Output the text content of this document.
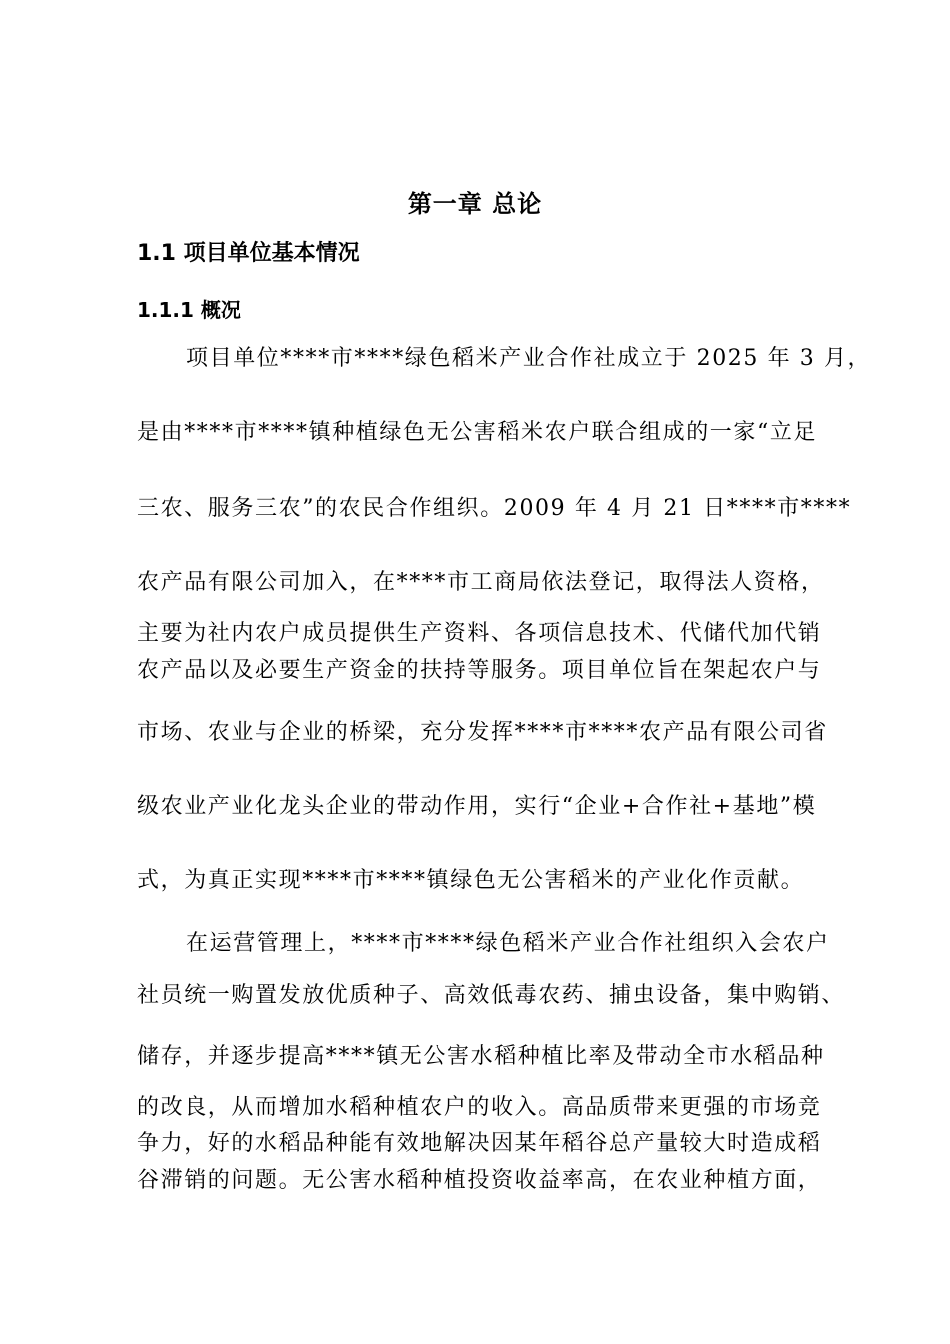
第一章 总论
1.1 项目单位基本情况
1.1.1 概况
项目单位****市****绿色稻米产业合作社成立于 2025 年 3 月，
是由****市****镇种植绿色无公害稻米农户联合组成的一家“立足
三农、服务三农”的农民合作组织。2009 年 4 月 21 日****市****
农产品有限公司加入，在****市工商局依法登记，取得法人资格，
主要为社内农户成员提供生产资料、各项信息技术、代储代加代销
农产品以及必要生产资金的扶持等服务。项目单位旨在架起农户与
市场、农业与企业的桥梁，充分发挥****市****农产品有限公司省
级农业产业化龙头企业的带动作用，实行“企业+合作社+基地”模
式，为真正实现****市****镇绿色无公害稻米的产业化作贡献。
在运营管理上，****市****绿色稻米产业合作社组织入会农户
社员统一购置发放优质种子、高效低毒农药、捕虫设备，集中购销、
储存，并逐步提高****镇无公害水稻种植比率及带动全市水稻品种
的改良，从而增加水稻种植农户的收入。高品质带来更强的市场竞
争力，好的水稻品种能有效地解决因某年稻谷总产量较大时造成稻
谷滞销的问题。无公害水稻种植投资收益率高，在农业种植方面，
